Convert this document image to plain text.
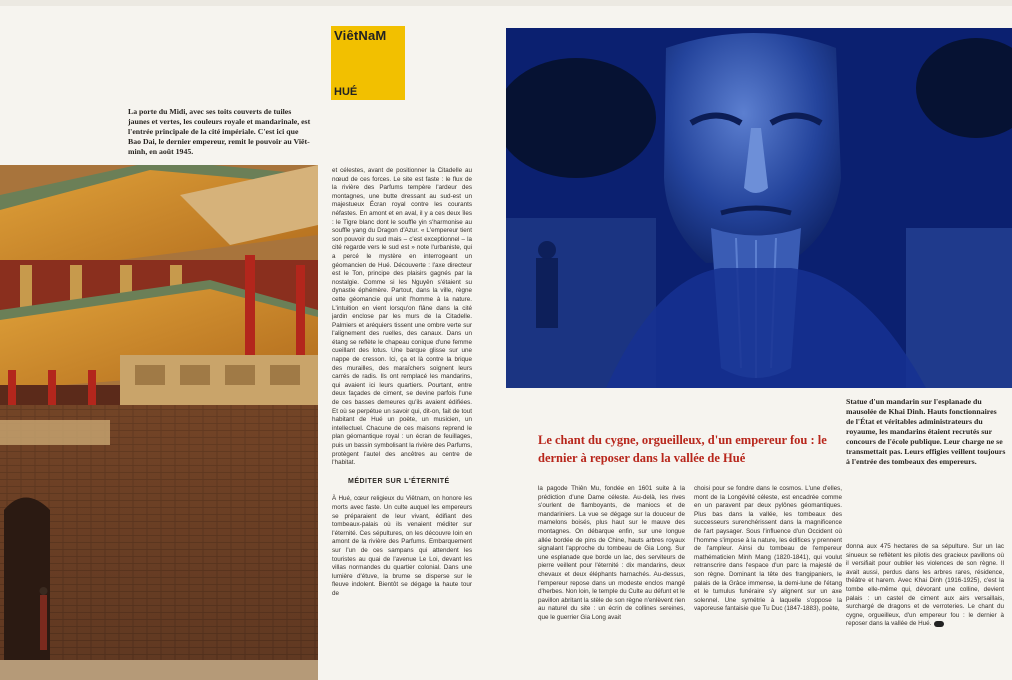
ViêtNaM
HUÉ

La porte du Midi, avec ses toits couverts de tuiles jaunes et vertes, les couleurs royale et mandarinale, est l'entrée principale de la cité impériale. C'est ici que Bao Dai, le dernier empereur, remit le pouvoir au Viêt-minh, en août 1945.

Statue d'un mandarin sur l'esplanade du mausolée de Khai Dinh. Hauts fonctionnaires de l'État et véritables administrateurs du royaume, les mandarins étaient recrutés sur concours de l'école publique. Leur charge ne se transmettait pas. Leurs effigies veillent toujours à l'entrée des tombeaux des empereurs.

Le chant du cygne, orgueilleux, d'un empereur fou : le dernier à reposer dans la vallée de Hué

et célestes, avant de positionner la Citadelle au nœud de ces forces. Le site est faste : le flux de la rivière des Parfums tempère l'ardeur des montagnes, une butte dressant au sud-est un majestueux Écran royal contre les courants néfastes. En amont et en aval, il y a ces deux îles : le Tigre blanc dont le souffle yin s'harmonise au souffle yang du Dragon d'Azur. « L'empereur tient son pouvoir du sud mais – c'est exceptionnel – la cité regarde vers le sud est » note l'urbaniste, qui a percé le mystère en interrogeant un géomancien de Hué. Découverte : l'axe directeur est le Ton, principe des plaisirs gagnés par la nostalgie. Comme si les Nguyên s'étaient su dynastie éphémère. Partout, dans la ville, règne cette géomancie qui unit l'homme à la nature. L'intuition en vient lorsqu'on flâne dans la cité jardin enclose par les murs de la Citadelle. Palmiers et aréquiers tissent une ombre verte sur l'alignement des ruelles, des canaux. Dans un étang se reflète le chapeau conique d'une femme cueillant des lotus. Une barque glisse sur une nappe de cresson. Ici, ça et là contre la brique des murailles, des maraîchers soignent leurs carrés de radis. Ils ont remplacé les mandarins, qui avaient ici leurs quartiers. Pourtant, entre deux façades de ciment, se devine parfois l'une de ces basses demeures qu'ils avaient édifiées. Et où se perpétue un savoir qui, dit-on, fait de tout habitant de Hué un poète, un musicien, un intellectuel. Chacune de ces maisons reprend le plan géomantique royal : un écran de feuillages, puis un bassin symbolisant la rivière des Parfums, protègent l'autel des ancêtres au centre de l'habitat.

MÉDITER SUR L'ÉTERNITÉ

À Hué, cœur religieux du Viêtnam, on honore les morts avec faste. Un culte auquel les empereurs se préparaient de leur vivant, édifiant des tombeaux-palais où ils venaient méditer sur l'éternité. Ces sépultures, on les découvre loin en amont de la rivière des Parfums. Embarquement sur l'un de ces sampans qui attendent les touristes au quai de l'avenue Le Loi, devant les villas normandes du quartier colonial. Dans une lumière d'étuve, la brume se disperse sur le fleuve indolent. Bientôt se dégage la haute tour de

la pagode Thiên Mu, fondée en 1601 suite à la prédiction d'une Dame céleste. Au-delà, les rives s'ourlent de flamboyants, de maniocs et de mandariniers. La vue se dégage sur la douceur de mamelons boisés, plus haut sur le mauve des montagnes. On débarque enfin, sur une longue allée bordée de pins de Chine, hauts arbres royaux signalant l'approche du tombeau de Gia Long. Sur une esplanade que borde un lac, des serviteurs de pierre veillent pour l'éternité : dix mandarins, deux chevaux et deux éléphants harnachés. Au-dessus, l'empereur repose dans un modeste enclos mangé d'herbes. Non loin, le temple du Culte au défunt et le pavillon abritant la stèle de son règne n'enlèvent rien au naturel du site : un écrin de collines sereines, que le guerrier Gia Long avait

choisi pour se fondre dans le cosmos. L'une d'elles, mont de la Longévité céleste, est encadrée comme en un paravent par deux pylônes géomantiques. Plus bas dans la vallée, les tombeaux des successeurs surenchérissent dans la magnificence de l'art paysager. Sous l'influence d'un Occident où l'homme s'impose à la nature, les édifices y prennent de l'ampleur. Ainsi du tombeau de l'empereur mathématicien Minh Mang (1820-1841), qui voulut retranscrire dans l'espace d'un parc la majesté de son règne. Dominant la tête des frangipaniers, le palais de la Grâce immense, la demi-lune de l'étang et le tumulus funéraire s'y alignent sur un axe solennel. Une symétrie à laquelle s'oppose la vaporeuse fantaisie que Tu Duc (1847-1883), poète,

donna aux 475 hectares de sa sépulture. Sur un lac sinueux se reflètent les pilotis des gracieux pavillons où il versifiait pour oublier les violences de son règne. Il avait aussi, perdus dans les arbres rares, résidence, théâtre et harem. Avec Khai Dinh (1916-1925), c'est la tombe elle-même qui, dévorant une colline, devient palais : un castel de ciment aux airs versaillais, surchargé de dragons et de verroteries. Le chant du cygne, orgueilleux, d'un empereur fou : le dernier à reposer dans la vallée de Hué.
